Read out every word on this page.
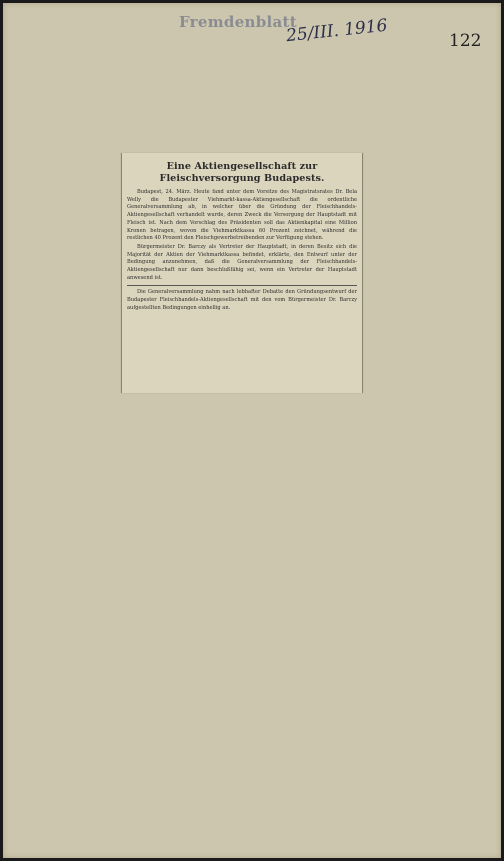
Fremdenblatt
25/III. 1916	122
Eine Aktiengesellschaft zur Fleischversorgung Budapests.

Budapest, 24. März. Heute fand unter dem Vorsitze des Magistratsrates Dr. Bela Welly die Budapester Viehmarkt-kassa-Aktiengesellschaft die ordentliche Generalversammlung ab, in welcher über die Gründung der Fleischhandels-Aktiengesellschaft verhandelt wurde, deren Zweck die Versorgung der Hauptstadt mit Fleisch ist. Nach dem Vorschlag des Präsidenten soll das Aktienkapital eine Million Kronen betragen, wovon die Viehmarktkassa 60 Prozent zeichnet, während die restlichen 40 Prozent den Fleischgewerbetreibenden zur Verfügung stehen.

Bürgermeister Dr. Barczy als Vertreter der Hauptstadt, in deren Besitz sich die Majorität der Aktien der Viehmarktkassa befindet, erklärte, den Entwurf unter der Bedingung anzunehmen, daß die Generalversammlung der Fleischhandels-Aktiengesellschaft nur dann beschlußfähig sei, wenn ein Vertreter der Hauptstadt anwesend ist.

Die Generalversammlung nahm nach lebhafter Debatte den Gründungsentwurf der Budapester Fleischhandels-Aktiengesellschaft mit den vom Bürgermeister Dr. Barczy aufgestellten Bedingungen einhellig an.
